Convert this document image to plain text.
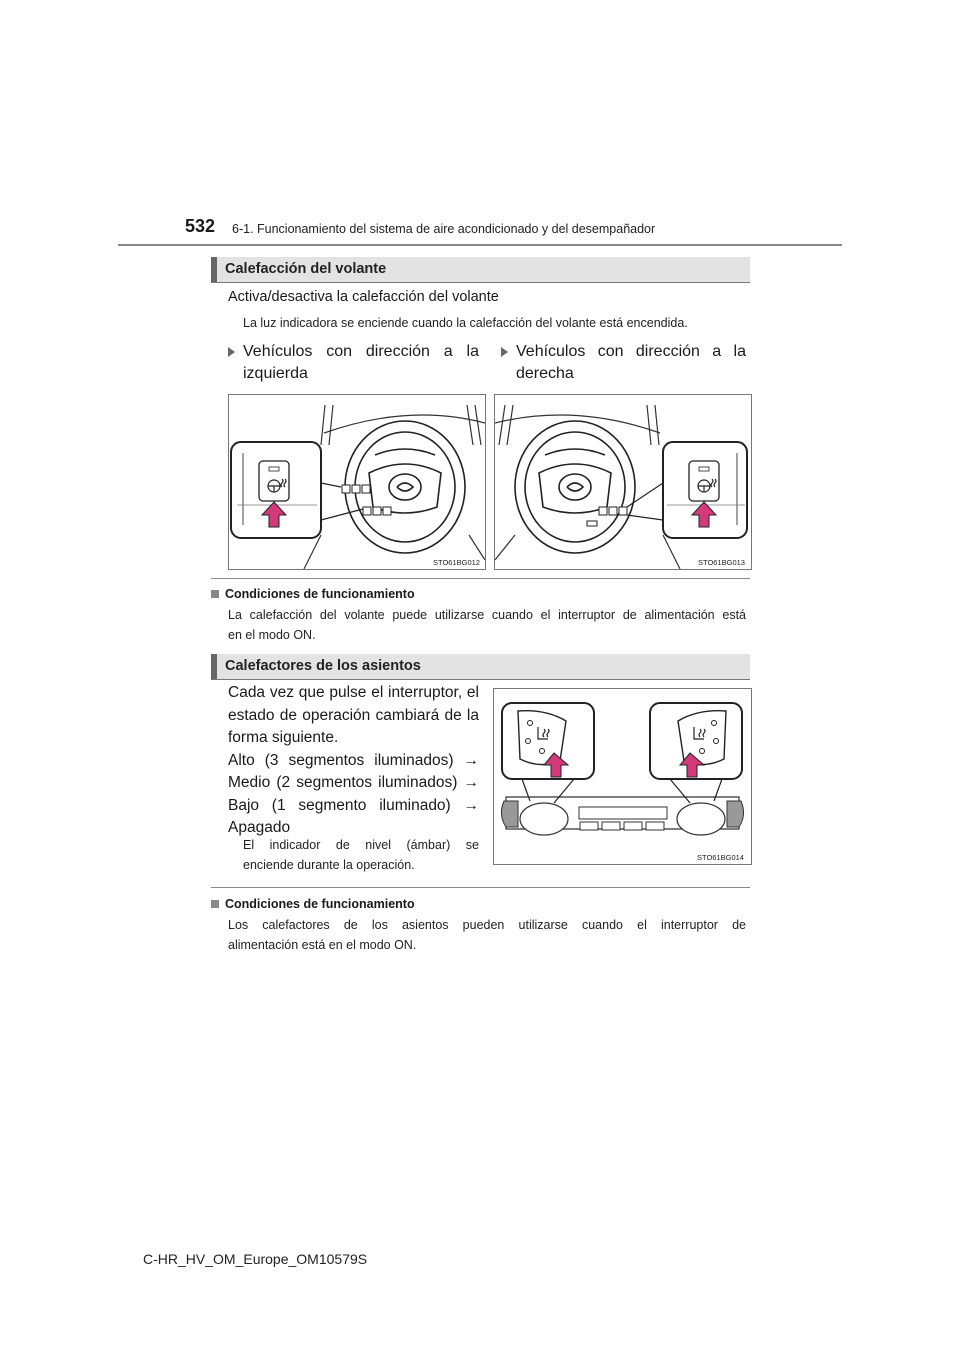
532 6-1. Funcionamiento del sistema de aire acondicionado y del desempañador
Calefacción del volante
Activa/desactiva la calefacción del volante
La luz indicadora se enciende cuando la calefacción del volante está encendida.
Vehículos con dirección a la
izquierda
Vehículos con dirección a la
derecha
STO61BG012	STO61BG013
Condiciones de funcionamiento
La calefacción del volante puede utilizarse cuando el interruptor de alimentación está
en el modo ON.
Calefactores de los asientos
Cada vez que pulse el interruptor, el
estado de operación cambiará de la
forma siguiente.
Alto (3 segmentos iluminados) →
Medio (2 segmentos iluminados) →
Bajo (1 segmento iluminado) →
Apagado
El indicador de nivel (ámbar) se
enciende durante la operación.
STO61BG014
Condiciones de funcionamiento
Los calefactores de los asientos pueden utilizarse cuando el interruptor de
alimentación está en el modo ON.
C-HR_HV_OM_Europe_OM10579S
